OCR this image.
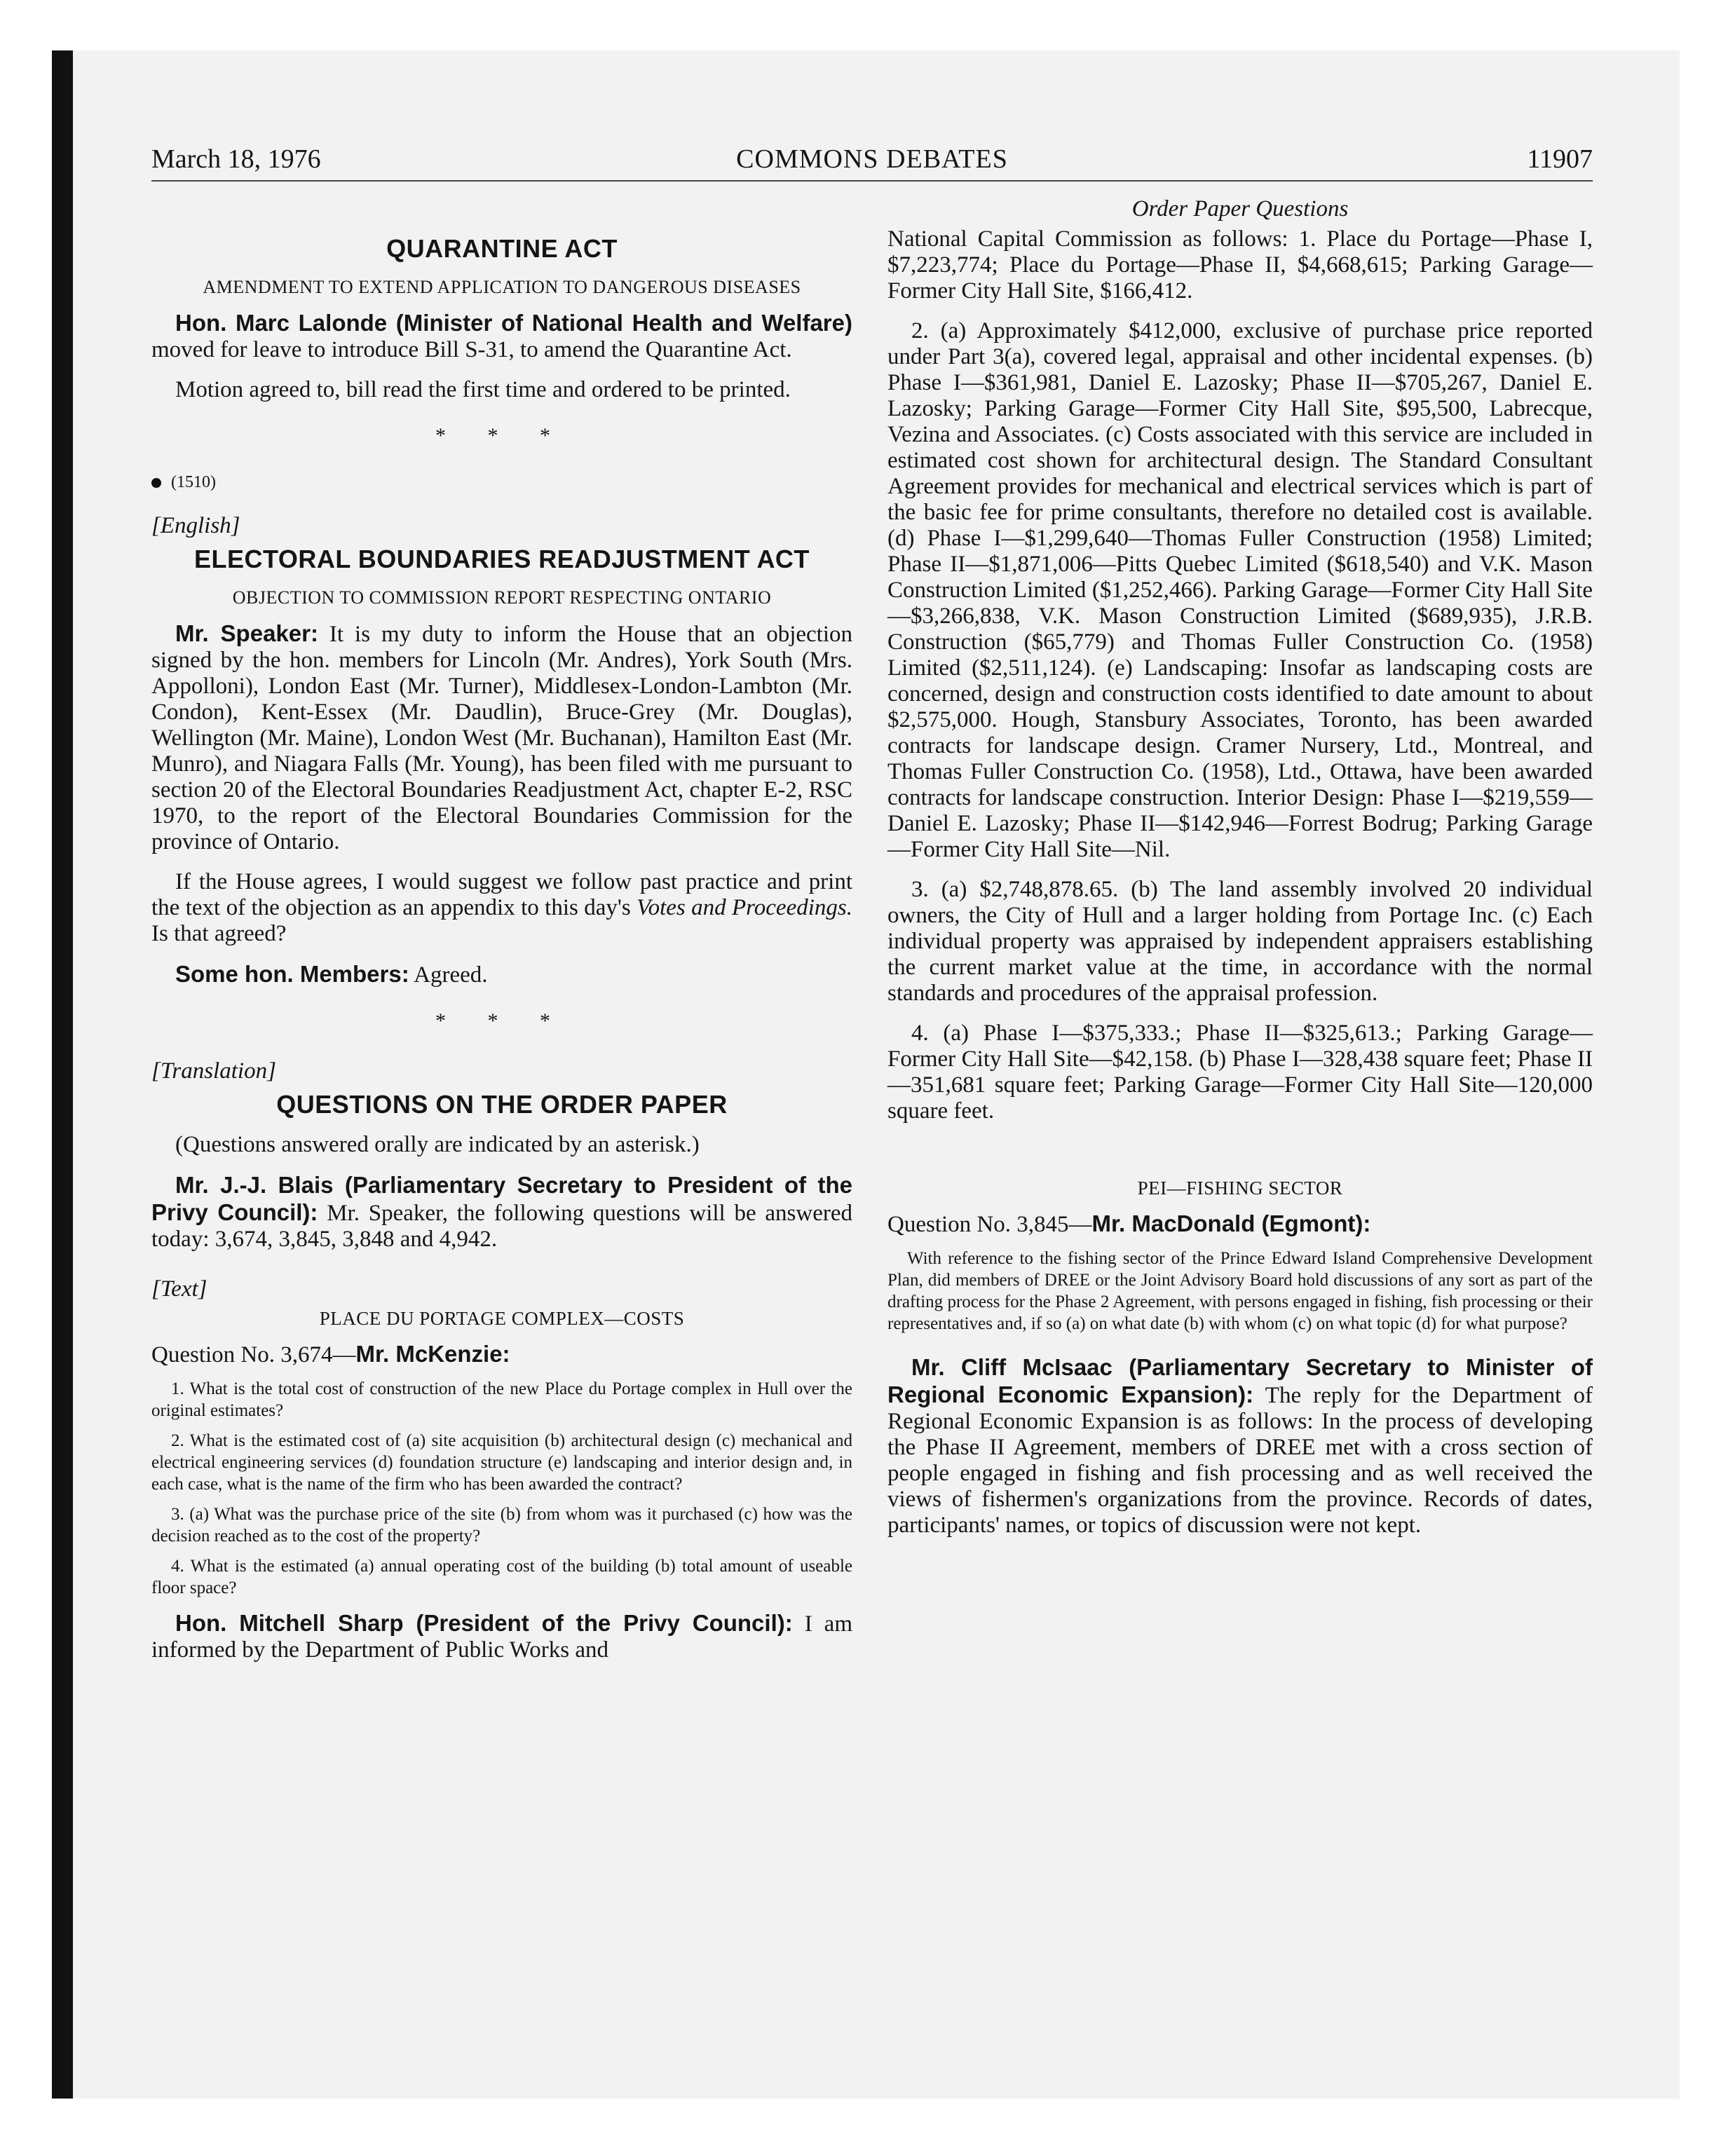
March 18, 1976	COMMONS DEBATES	11907
QUARANTINE ACT
AMENDMENT TO EXTEND APPLICATION TO DANGEROUS DISEASES

Hon. Marc Lalonde (Minister of National Health and Welfare) moved for leave to introduce Bill S-31, to amend the Quarantine Act.

Motion agreed to, bill read the first time and ordered to be printed.

* * *
(1510)
[English]
ELECTORAL BOUNDARIES READJUSTMENT ACT
OBJECTION TO COMMISSION REPORT RESPECTING ONTARIO

Mr. Speaker: It is my duty to inform the House that an objection signed by the hon. members for Lincoln (Mr. Andres), York South (Mrs. Appolloni), London East (Mr. Turner), Middlesex-London-Lambton (Mr. Condon), Kent-Essex (Mr. Daudlin), Bruce-Grey (Mr. Douglas), Wellington (Mr. Maine), London West (Mr. Buchanan), Hamilton East (Mr. Munro), and Niagara Falls (Mr. Young), has been filed with me pursuant to section 20 of the Electoral Boundaries Readjustment Act, chapter E-2, RSC 1970, to the report of the Electoral Boundaries Commission for the province of Ontario.

If the House agrees, I would suggest we follow past practice and print the text of the objection as an appendix to this day's Votes and Proceedings. Is that agreed?

Some hon. Members: Agreed.

* * *
[Translation]
QUESTIONS ON THE ORDER PAPER

(Questions answered orally are indicated by an asterisk.)

Mr. J.-J. Blais (Parliamentary Secretary to President of the Privy Council): Mr. Speaker, the following questions will be answered today: 3,674, 3,845, 3,848 and 4,942.

[Text]
PLACE DU PORTAGE COMPLEX—COSTS

Question No. 3,674—Mr. McKenzie:

1. What is the total cost of construction of the new Place du Portage complex in Hull over the original estimates?

2. What is the estimated cost of (a) site acquisition (b) architectural design (c) mechanical and electrical engineering services (d) foundation structure (e) landscaping and interior design and, in each case, what is the name of the firm who has been awarded the contract?

3. (a) What was the purchase price of the site (b) from whom was it purchased (c) how was the decision reached as to the cost of the property?

4. What is the estimated (a) annual operating cost of the building (b) total amount of useable floor space?

Hon. Mitchell Sharp (President of the Privy Council): I am informed by the Department of Public Works and

Order Paper Questions

National Capital Commission as follows: 1. Place du Portage—Phase I, $7,223,774; Place du Portage—Phase II, $4,668,615; Parking Garage—Former City Hall Site, $166,412.

2. (a) Approximately $412,000, exclusive of purchase price reported under Part 3(a), covered legal, appraisal and other incidental expenses. (b) Phase I—$361,981, Daniel E. Lazosky; Phase II—$705,267, Daniel E. Lazosky; Parking Garage—Former City Hall Site, $95,500, Labrecque, Vezina and Associates. (c) Costs associated with this service are included in estimated cost shown for architectural design. The Standard Consultant Agreement provides for mechanical and electrical services which is part of the basic fee for prime consultants, therefore no detailed cost is available. (d) Phase I—$1,299,640—Thomas Fuller Construction (1958) Limited; Phase II—$1,871,006—Pitts Quebec Limited ($618,540) and V.K. Mason Construction Limited ($1,252,466). Parking Garage—Former City Hall Site—$3,266,838, V.K. Mason Construction Limited ($689,935), J.R.B. Construction ($65,779) and Thomas Fuller Construction Co. (1958) Limited ($2,511,124). (e) Landscaping: Insofar as landscaping costs are concerned, design and construction costs identified to date amount to about $2,575,000. Hough, Stansbury Associates, Toronto, has been awarded contracts for landscape design. Cramer Nursery, Ltd., Montreal, and Thomas Fuller Construction Co. (1958), Ltd., Ottawa, have been awarded contracts for landscape construction. Interior Design: Phase I—$219,559—Daniel E. Lazosky; Phase II—$142,946—Forrest Bodrug; Parking Garage—Former City Hall Site—Nil.

3. (a) $2,748,878.65. (b) The land assembly involved 20 individual owners, the City of Hull and a larger holding from Portage Inc. (c) Each individual property was appraised by independent appraisers establishing the current market value at the time, in accordance with the normal standards and procedures of the appraisal profession.

4. (a) Phase I—$375,333.; Phase II—$325,613.; Parking Garage—Former City Hall Site—$42,158. (b) Phase I—328,438 square feet; Phase II—351,681 square feet; Parking Garage—Former City Hall Site—120,000 square feet.

PEI—FISHING SECTOR

Question No. 3,845—Mr. MacDonald (Egmont):

With reference to the fishing sector of the Prince Edward Island Comprehensive Development Plan, did members of DREE or the Joint Advisory Board hold discussions of any sort as part of the drafting process for the Phase 2 Agreement, with persons engaged in fishing, fish processing or their representatives and, if so (a) on what date (b) with whom (c) on what topic (d) for what purpose?

Mr. Cliff McIsaac (Parliamentary Secretary to Minister of Regional Economic Expansion): The reply for the Department of Regional Economic Expansion is as follows: In the process of developing the Phase II Agreement, members of DREE met with a cross section of people engaged in fishing and fish processing and as well received the views of fishermen's organizations from the province. Records of dates, participants' names, or topics of discussion were not kept.
